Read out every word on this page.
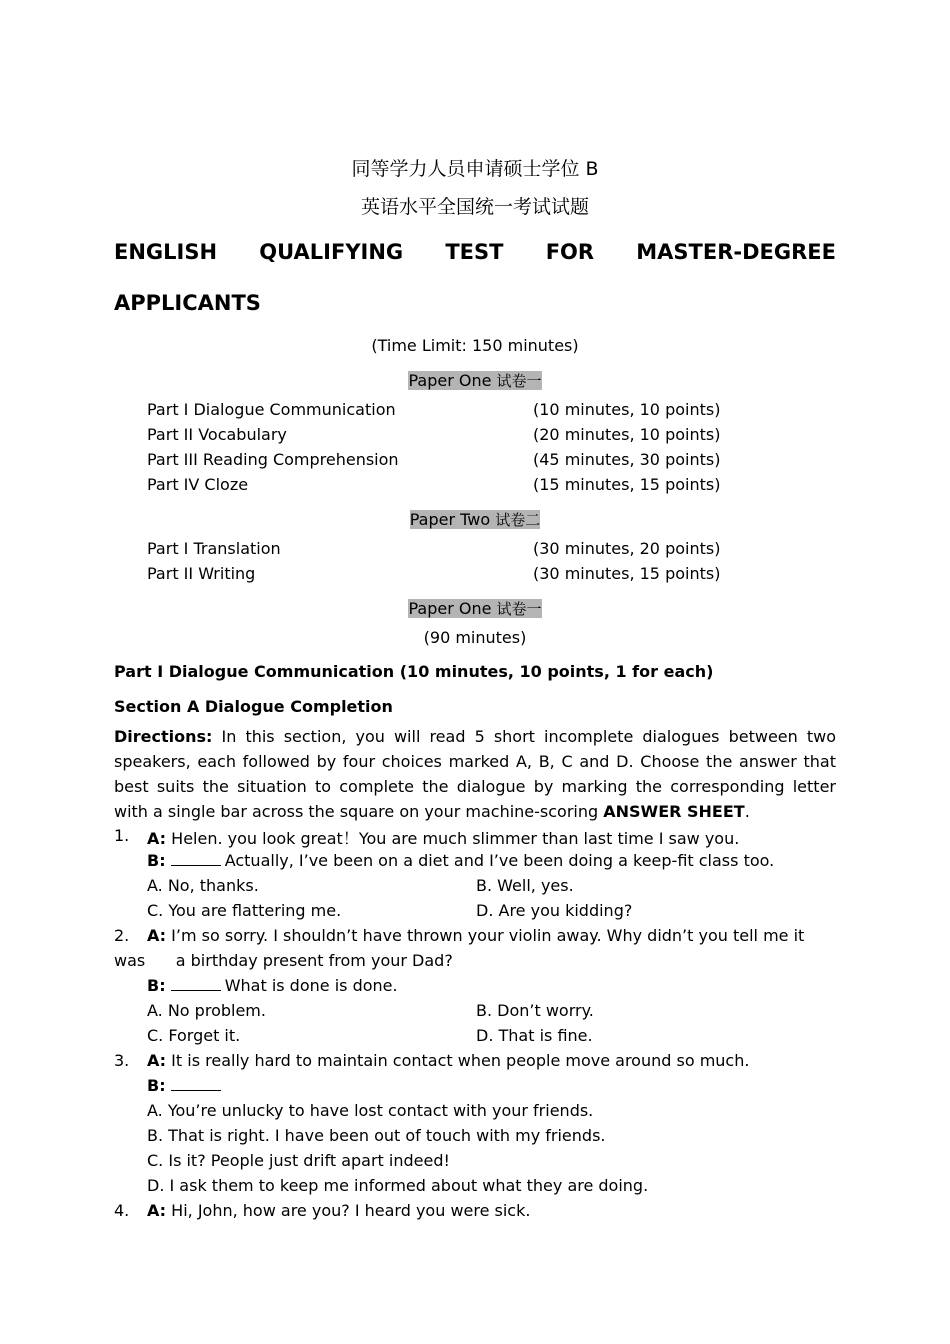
同等学力人员申请硕士学位 B
英语水平全国统一考试试题
ENGLISH QUALIFYING TEST FOR MASTER-DEGREE
APPLICANTS
(Time Limit: 150 minutes)
Paper One 试卷一
Part I Dialogue Communication	(10 minutes, 10 points)
Part II Vocabulary	(20 minutes, 10 points)
Part III Reading Comprehension	(45 minutes, 30 points)
Part IV Cloze	(15 minutes, 15 points)
Paper Two 试卷二
Part I Translation	(30 minutes, 20 points)
Part II Writing	(30 minutes, 15 points)
Paper One 试卷一
(90 minutes)
Part I Dialogue Communication (10 minutes, 10 points, 1 for each)
Section A Dialogue Completion
Directions: In this section, you will read 5 short incomplete dialogues between two speakers, each followed by four choices marked A, B, C and D. Choose the answer that best suits the situation to complete the dialogue by marking the corresponding letter with a single bar across the square on your machine-scoring ANSWER SHEET.
1. A: Helen. you look great！You are much slimmer than last time I saw you.
B:	Actually, I’ve been on a diet and I’ve been doing a keep-fit class too.
A. No, thanks.	B. Well, yes.
C. You are flattering me.	D. Are you kidding?
2. A: I’m so sorry. I shouldn’t have thrown your violin away. Why didn’t you tell me it
was      a birthday present from your Dad?
B:	What is done is done.
A. No problem.	B. Don’t worry.
C. Forget it.	D. That is fine.
3. A: It is really hard to maintain contact when people move around so much.
B:
A. You’re unlucky to have lost contact with your friends.
B. That is right. I have been out of touch with my friends.
C. Is it? People just drift apart indeed!
D. I ask them to keep me informed about what they are doing.
4. A: Hi, John, how are you? I heard you were sick.
